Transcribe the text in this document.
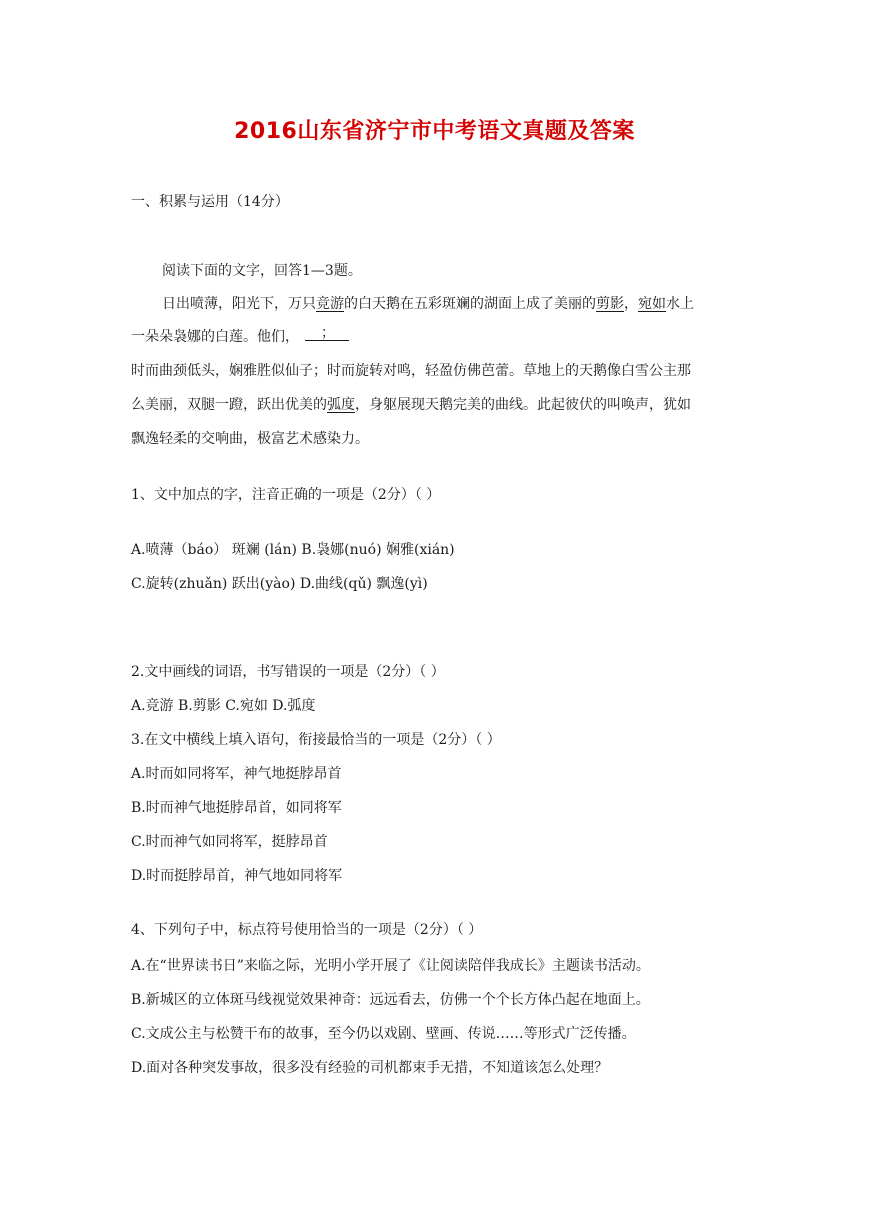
2016山东省济宁市中考语文真题及答案
一、积累与运用（14分）
阅读下面的文字，回答1—3题。
日出喷薄，阳光下，万只竞游的白天鹅在五彩斑斓的湖面上成了美丽的剪影，宛如水上
一朵朵袅娜的白莲。他们， ；
时而曲颈低头，娴雅胜似仙子；时而旋转对鸣，轻盈仿佛芭蕾。草地上的天鹅像白雪公主那
么美丽，双腿一蹬，跃出优美的弧度，身躯展现天鹅完美的曲线。此起彼伏的叫唤声，犹如
飘逸轻柔的交响曲，极富艺术感染力。
1、文中加点的字，注音正确的一项是（2分）（ ）
A.喷薄（báo） 斑斓 (lán) B.袅娜(nuó) 娴雅(xián)
C.旋转(zhuǎn) 跃出(yào) D.曲线(qǔ) 飘逸(yì)
2.文中画线的词语，书写错误的一项是（2分）（ ）
A.竞游 B.剪影 C.宛如 D.弧度
3.在文中横线上填入语句，衔接最恰当的一项是（2分）（ ）
A.时而如同将军，神气地挺脖昂首
B.时而神气地挺脖昂首，如同将军
C.时而神气如同将军，挺脖昂首
D.时而挺脖昂首，神气地如同将军
4、下列句子中，标点符号使用恰当的一项是（2分）（ ）
A.在“世界读书日”来临之际，光明小学开展了《让阅读陪伴我成长》主题读书活动。
B.新城区的立体斑马线视觉效果神奇：远远看去，仿佛一个个长方体凸起在地面上。
C.文成公主与松赞干布的故事，至今仍以戏剧、壁画、传说……等形式广泛传播。
D.面对各种突发事故，很多没有经验的司机都束手无措，不知道该怎么处理？
